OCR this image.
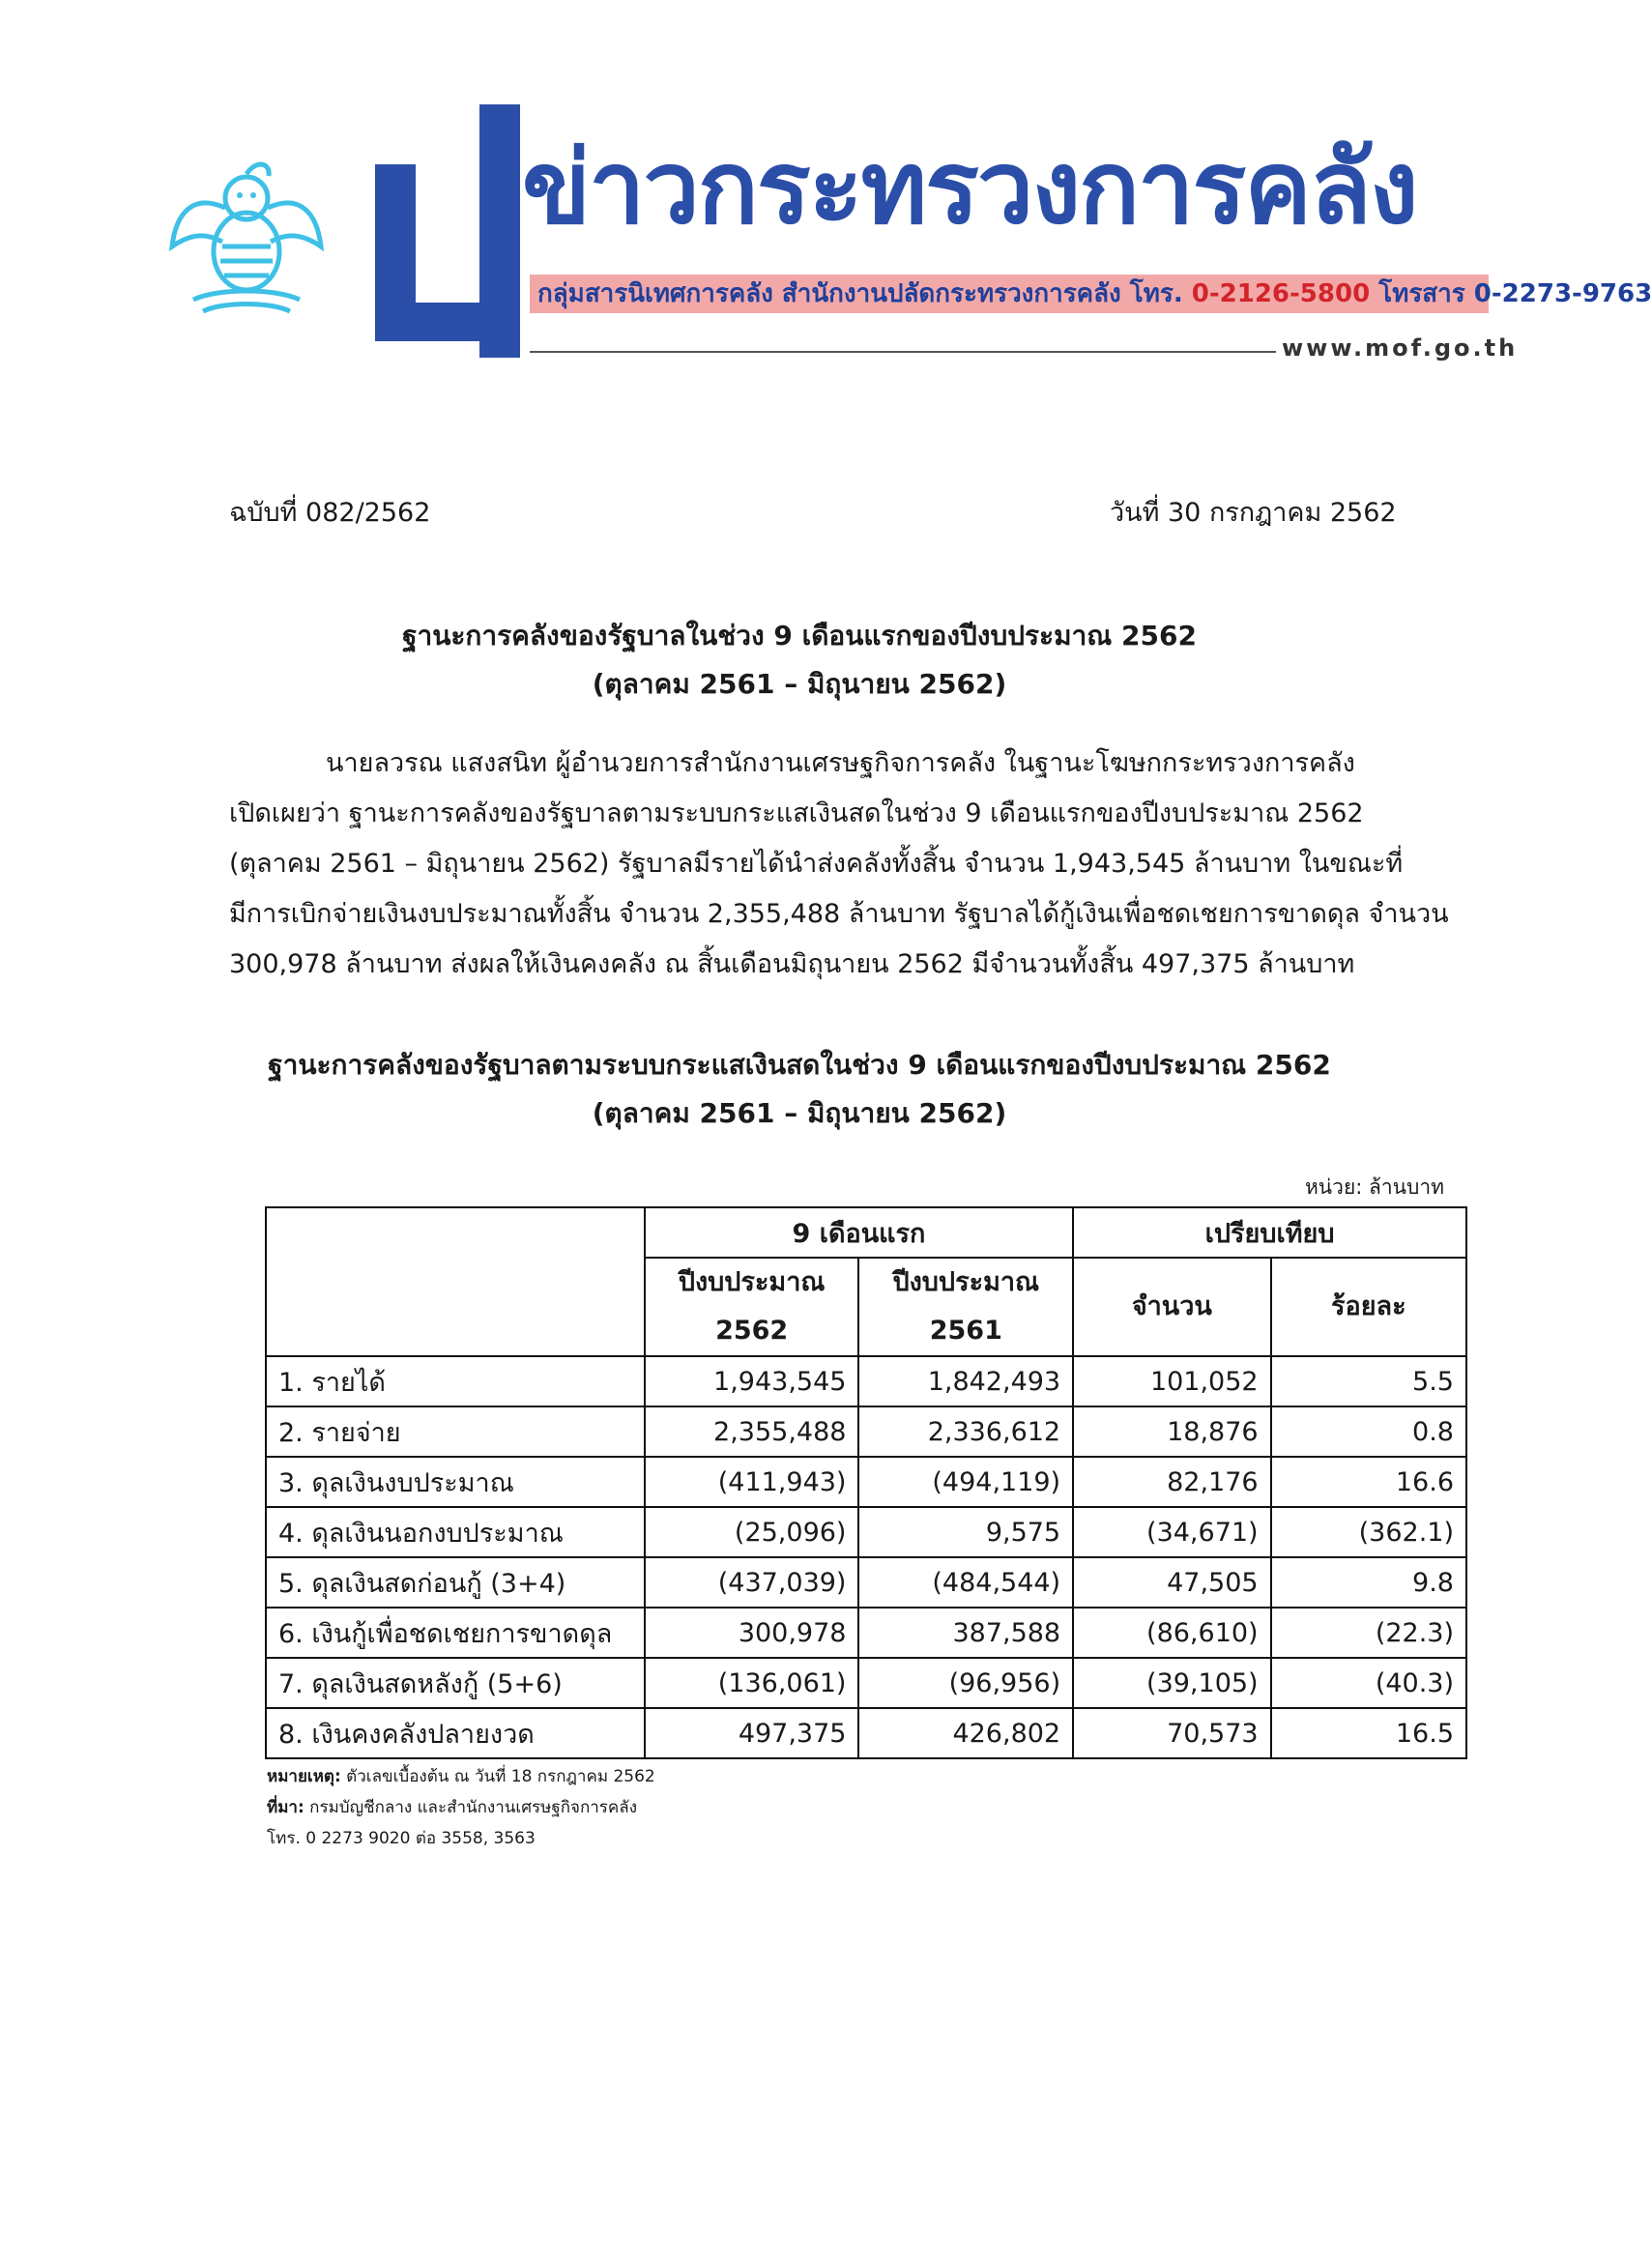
ข่าวกระทรวงการคลัง
กลุ่มสารนิเทศการคลัง สำนักงานปลัดกระทรวงการคลัง โทร. 0-2126-5800 โทรสาร 0-2273-9763
www.mof.go.th
ฉบับที่ 082/2562	วันที่ 30 กรกฎาคม 2562
ฐานะการคลังของรัฐบาลในช่วง 9 เดือนแรกของปีงบประมาณ 2562
(ตุลาคม 2561 – มิถุนายน 2562)

นายลวรณ แสงสนิท ผู้อำนวยการสำนักงานเศรษฐกิจการคลัง ในฐานะโฆษกกระทรวงการคลัง

เปิดเผยว่า ฐานะการคลังของรัฐบาลตามระบบกระแสเงินสดในช่วง 9 เดือนแรกของปีงบประมาณ 2562

(ตุลาคม 2561 – มิถุนายน 2562) รัฐบาลมีรายได้นำส่งคลังทั้งสิ้น จำนวน 1,943,545 ล้านบาท ในขณะที่

มีการเบิกจ่ายเงินงบประมาณทั้งสิ้น จำนวน 2,355,488 ล้านบาท รัฐบาลได้กู้เงินเพื่อชดเชยการขาดดุล จำนวน

300,978 ล้านบาท ส่งผลให้เงินคงคลัง ณ สิ้นเดือนมิถุนายน 2562 มีจำนวนทั้งสิ้น 497,375 ล้านบาท

ฐานะการคลังของรัฐบาลตามระบบกระแสเงินสดในช่วง 9 เดือนแรกของปีงบประมาณ 2562
(ตุลาคม 2561 – มิถุนายน 2562)
หน่วย: ล้านบาท
	9 เดือนแรก		เปรียบเทียบ	
	ปีงบประมาณ
2562	ปีงบประมาณ
2561	จำนวน	ร้อยละ
1. รายได้	1,943,545	1,842,493	101,052	5.5
2. รายจ่าย	2,355,488	2,336,612	18,876	0.8
3. ดุลเงินงบประมาณ	(411,943)	(494,119)	82,176	16.6
4. ดุลเงินนอกงบประมาณ	(25,096)	9,575	(34,671)	(362.1)
5. ดุลเงินสดก่อนกู้ (3+4)	(437,039)	(484,544)	47,505	9.8
6. เงินกู้เพื่อชดเชยการขาดดุล	300,978	387,588	(86,610)	(22.3)
7. ดุลเงินสดหลังกู้ (5+6)	(136,061)	(96,956)	(39,105)	(40.3)
8. เงินคงคลังปลายงวด	497,375	426,802	70,573	16.5
หมายเหตุ: ตัวเลขเบื้องต้น ณ วันที่ 18 กรกฎาคม 2562
ที่มา: กรมบัญชีกลาง และสำนักงานเศรษฐกิจการคลัง
โทร. 0 2273 9020 ต่อ 3558, 3563
